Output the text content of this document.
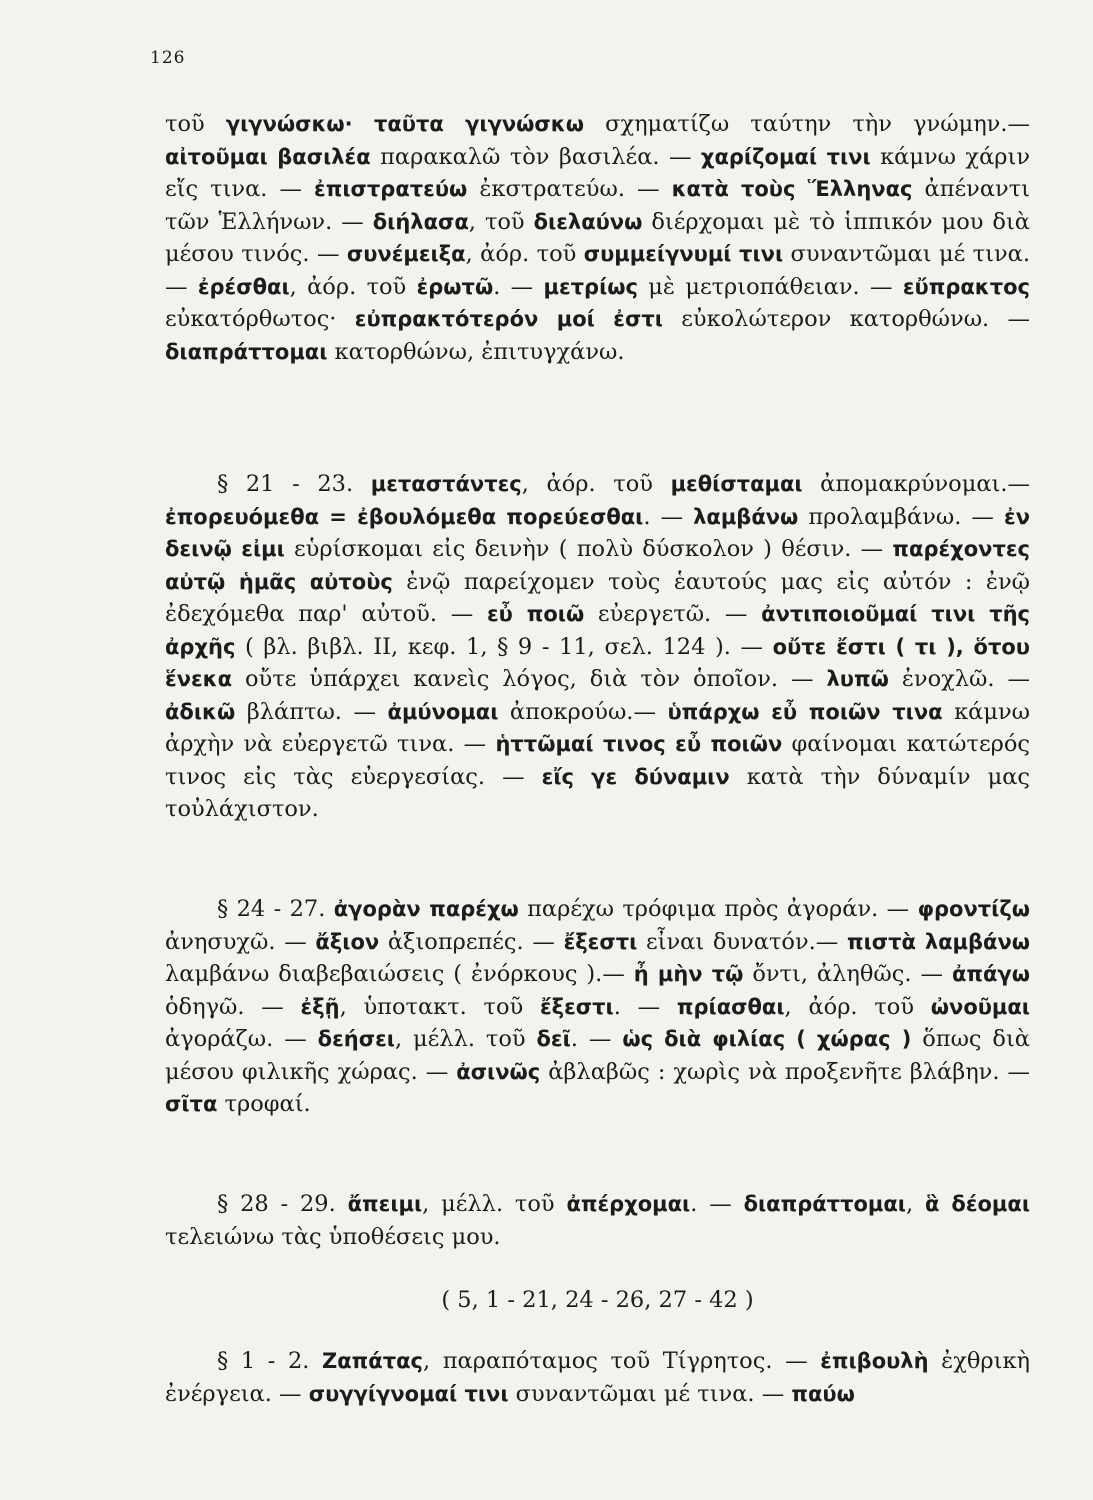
126

τοῦ γιγνώσκω· ταῦτα γιγνώσκω σχηματίζω ταύτην τὴν γνώμην.— αἰτοῦμαι βασιλέα παρακαλῶ τὸν βασιλέα. — χαρίζομαί τινι κάμνω χάριν εἴς τινα. — ἐπιστρατεύω ἐκστρατεύω. — κατὰ τοὺς Ἕλληνας ἀπέναντι τῶν Ἑλλήνων. — διήλασα, τοῦ διελαύνω διέρχομαι μὲ τὸ ἱππικόν μου διὰ μέσου τινός. — συνέμειξα, ἀόρ. τοῦ συμμείγνυμί τινι συναντῶμαι μέ τινα. — ἐρέσθαι, ἀόρ. τοῦ ἐρωτῶ. — μετρίως μὲ μετριοπάθειαν. — εὔπρακτος εὐκατόρθωτος· εὐπρακτότερόν μοί ἐστι εὐκολώτερον κατορθώνω. — διαπράττομαι κατορθώνω, ἐπιτυγχάνω.

§ 21 - 23. μεταστάντες, ἀόρ. τοῦ μεθίσταμαι ἀπομακρύνομαι.— ἐπορευόμεθα = ἐβουλόμεθα πορεύεσθαι. — λαμβάνω προλαμβάνω. — ἐν δεινῷ εἰμι εὑρίσκομαι εἰς δεινὴν ( πολὺ δύσκολον ) θέσιν. — παρέχοντες αὐτῷ ἡμᾶς αὐτοὺς ἐνῷ παρείχομεν τοὺς ἑαυτούς μας εἰς αὐτόν : ἐνῷ ἐδεχόμεθα παρ' αὐτοῦ. — εὖ ποιῶ εὐεργετῶ. — ἀντιποιοῦμαί τινι τῆς ἀρχῆς ( βλ. βιβλ. II, κεφ. 1, § 9 - 11, σελ. 124 ). — οὔτε ἔστι ( τι ), ὅτου ἕνεκα οὔτε ὑπάρχει κανεὶς λόγος, διὰ τὸν ὁποῖον. — λυπῶ ἐνοχλῶ. — ἀδικῶ βλάπτω. — ἀμύνομαι ἀποκρούω.— ὑπάρχω εὖ ποιῶν τινα κάμνω ἀρχὴν νὰ εὐεργετῶ τινα. — ἡττῶμαί τινος εὖ ποιῶν φαίνομαι κατώτερός τινος εἰς τὰς εὐεργεσίας. — εἴς γε δύναμιν κατὰ τὴν δύναμίν μας τοὐλάχιστον.

§ 24 - 27. ἀγορὰν παρέχω παρέχω τρόφιμα πρὸς ἀγοράν. — φροντίζω ἀνησυχῶ. — ἄξιον ἀξιοπρεπές. — ἔξεστι εἶναι δυνατόν.— πιστὰ λαμβάνω λαμβάνω διαβεβαιώσεις ( ἐνόρκους ).— ἦ μὴν τῷ ὄντι, ἀληθῶς. — ἀπάγω ὁδηγῶ. — ἐξῇ, ὑποτακτ. τοῦ ἔξεστι. — πρίασθαι, ἀόρ. τοῦ ὠνοῦμαι ἀγοράζω. — δεήσει, μέλλ. τοῦ δεῖ. — ὡς διὰ φιλίας ( χώρας ) ὅπως διὰ μέσου φιλικῆς χώρας. — ἀσινῶς ἀβλαβῶς : χωρὶς νὰ προξενῆτε βλάβην. — σῖτα τροφαί.

§ 28 - 29. ἄπειμι, μέλλ. τοῦ ἀπέρχομαι. — διαπράττομαι, ἃ δέομαι τελειώνω τὰς ὑποθέσεις μου.

( 5, 1 - 21, 24 - 26, 27 - 42 )

§ 1 - 2. Ζαπάτας, παραπόταμος τοῦ Τίγρητος. — ἐπιβουλὴ ἐχθρικὴ ἐνέργεια. — συγγίγνομαί τινι συναντῶμαι μέ τινα. — παύω
